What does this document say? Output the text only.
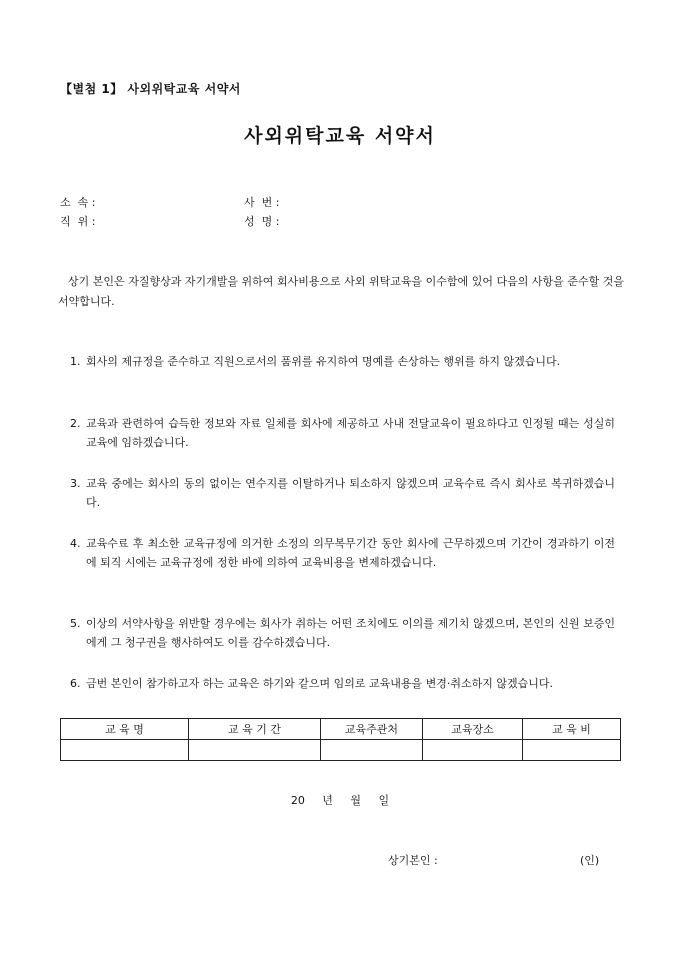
【별첨 1】 사외위탁교육 서약서
사외위탁교육 서약서
소  속 :	사  번 :
직  위 :	성  명 :
상기 본인은 자질향상과 자기개발을 위하여 회사비용으로 사외 위탁교육을 이수함에 있어 다음의 사항을 준수할 것을 서약합니다.
1. 회사의 제규정을 준수하고 직원으로서의 품위를 유지하여 명예를 손상하는 행위를 하지 않겠습니다.
2. 교육과 관련하여 습득한 정보와 자료 일체를 회사에 제공하고 사내 전달교육이 필요하다고 인정될 때는 성실히 교육에 임하겠습니다.
3. 교육 중에는 회사의 동의 없이는 연수지를 이탈하거나 퇴소하지 않겠으며 교육수료 즉시 회사로 복귀하겠습니다.
4. 교육수료 후 최소한 교육규정에 의거한 소정의 의무복무기간 동안 회사에 근무하겠으며 기간이 경과하기 이전에 퇴직 시에는 교육규정에 정한 바에 의하여 교육비용을 변제하겠습니다.
5. 이상의 서약사항을 위반할 경우에는 회사가 취하는 어떤 조치에도 이의를 제기치 않겠으며, 본인의 신원 보증인에게 그 청구권을 행사하여도 이를 감수하겠습니다.
6. 금번 본인이 참가하고자 하는 교육은 하기와 같으며 임의로 교육내용을 변경·취소하지 않겠습니다.
교 육 명	교 육 기 간	교육주관처	교육장소	교 육 비

20     년     월     일
상기본인 :	(인)
